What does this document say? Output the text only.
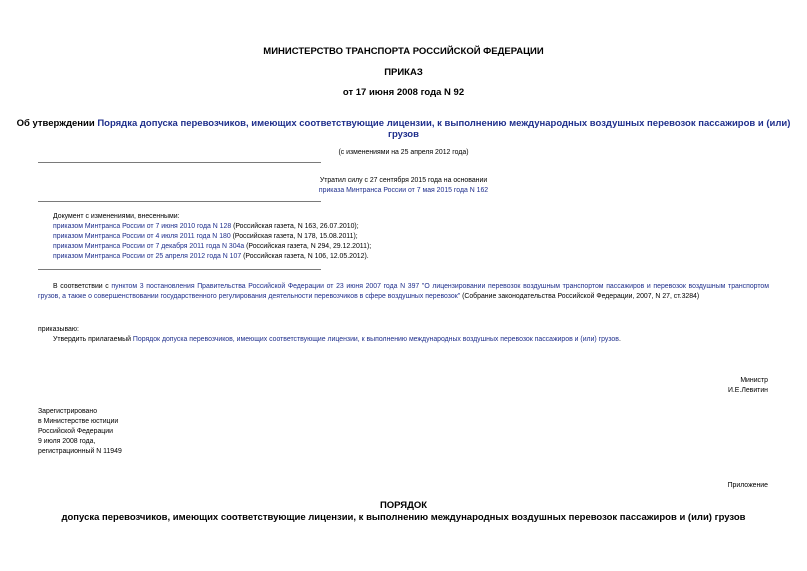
МИНИСТЕРСТВО ТРАНСПОРТА РОССИЙСКОЙ ФЕДЕРАЦИИ
ПРИКАЗ
от 17 июня 2008 года N 92
Об утверждении Порядка допуска перевозчиков, имеющих соответствующие лицензии, к выполнению международных воздушных перевозок пассажиров и (или)
грузов
(с изменениями на 25 апреля 2012 года)
Утратил силу с 27 сентября 2015 года на основании
приказа Минтранса России от 7 мая 2015 года N 162
Документ с изменениями, внесенными:
приказом Минтранса России от 7 июня 2010 года N 128 (Российская газета, N 163, 26.07.2010);
приказом Минтранса России от 4 июля 2011 года N 180 (Российская газета, N 178, 15.08.2011);
приказом Минтранса России от 7 декабря 2011 года N 304а (Российская газета, N 294, 29.12.2011);
приказом Минтранса России от 25 апреля 2012 года N 107 (Российская газета, N 106, 12.05.2012).
В соответствии с пунктом 3 постановления Правительства Российской Федерации от 23 июня 2007 года N 397 "О лицензировании перевозок воздушным транспортом пассажиров и перевозок воздушным транспортом грузов, а также о совершенствовании государственного регулирования деятельности перевозчиков в сфере воздушных перевозок" (Собрание законодательства Российской Федерации, 2007, N 27, ст.3284)
приказываю:
Утвердить прилагаемый Порядок допуска перевозчиков, имеющих соответствующие лицензии, к выполнению международных воздушных перевозок пассажиров и (или) грузов.
Министр
И.Е.Левитин
Зарегистрировано
в Министерстве юстиции
Российской Федерации
9 июля 2008 года,
регистрационный N 11949
Приложение
ПОРЯДОК
допуска перевозчиков, имеющих соответствующие лицензии, к выполнению международных воздушных перевозок пассажиров и (или) грузов
